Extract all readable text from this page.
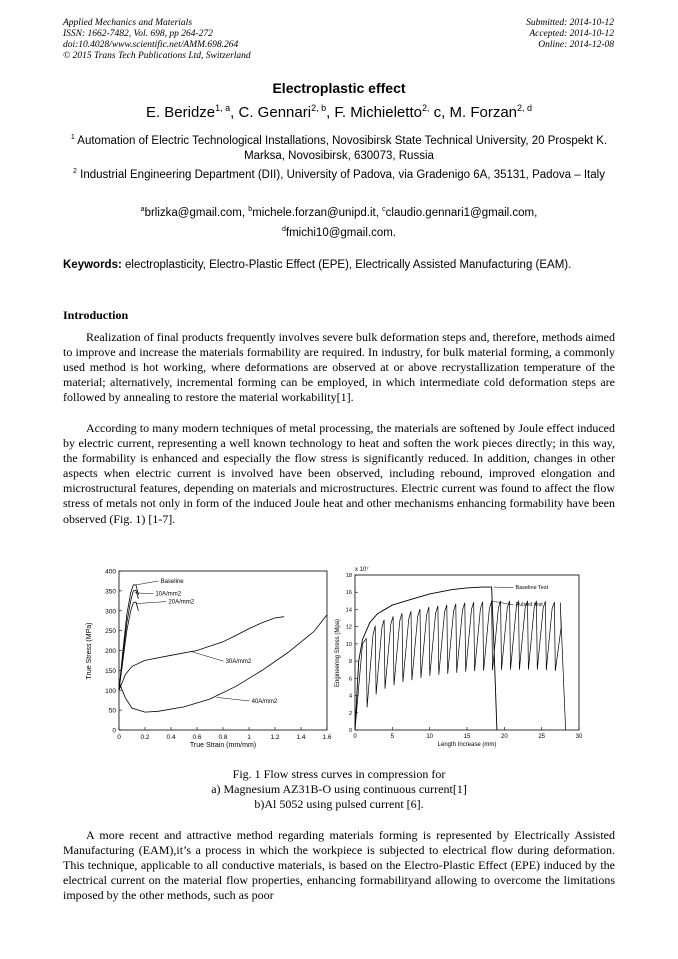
Applied Mechanics and Materials
ISSN: 1662-7482, Vol. 698, pp 264-272
doi:10.4028/www.scientific.net/AMM.698.264
© 2015 Trans Tech Publications Ltd, Switzerland
Submitted: 2014-10-12
Accepted: 2014-10-12
Online: 2014-12-08
Electroplastic effect
E. Beridze$^{1, a}$, C. Gennari$^{2, b}$, F. Michieletto$^{2,}$ c, M. Forzan$^{2, d}$
$^1$ Automation of Electric Technological Installations, Novosibirsk State Technical University, 20 Prospekt K. Marksa, Novosibirsk, 630073, Russia
$^2$ Industrial Engineering Department (DII), University of Padova, via Gradenigo 6A, 35131, Padova – Italy
$^a$brlizka@gmail.com, $^b$michele.forzan@unipd.it, $^c$claudio.gennari1@gmail.com,
$^d$fmichi10@gmail.com.
Keywords: electroplasticity, Electro-Plastic Effect (EPE), Electrically Assisted Manufacturing (EAM).
Introduction

Realization of final products frequently involves severe bulk deformation steps and, therefore, methods aimed to improve and increase the materials formability are required. In industry, for bulk material forming, a commonly used method is hot working, where deformations are observed at or above recrystallization temperature of the material; alternatively, incremental forming can be employed, in which intermediate cold deformation steps are followed by annealing to restore the material workability[1].

According to many modern techniques of metal processing, the materials are softened by Joule effect induced by electric current, representing a well known technology to heat and soften the work pieces directly; in this way, the formability is enhanced and especially the flow stress is significantly reduced. In addition, changes in other aspects when electric current is involved have been observed, including rebound, improved elongation and microstructural features, depending on materials and microstructures. Electric current was found to affect the flow stress of metals not only in form of the induced Joule heat and other mechanisms enhancing formability have been observed (Fig. 1) [1-7].

0
50
100
150
200
250
300
350
400
0	0.2	0.4	0.6	0.8	1	1.2	1.4	1.6
Baseline
10A/mm2
20A/mm2
30A/mm2
40A/mm2
True Strain (mm/mm)
True Stress (MPa)
x 10⁷
0
2
4
6
8
10
12
14
16
18
0	5	10	15	20	25	30
Baseline Test
Pulsed test
Length Increase (mm)
Engineering Stress (Mpa)
Fig. 1 Flow stress curves in compression for
a) Magnesium AZ31B-O using continuous current[1]
b)Al 5052 using pulsed current [6].

A more recent and attractive method regarding materials forming is represented by Electrically Assisted Manufacturing (EAM),it’s a process in which the workpiece is subjected to electrical flow during deformation. This technique, applicable to all conductive materials, is based on the Electro-Plastic Effect (EPE) induced by the electrical current on the material flow properties, enhancing formabilityand allowing to overcome the limitations imposed by the other methods, such as poor
